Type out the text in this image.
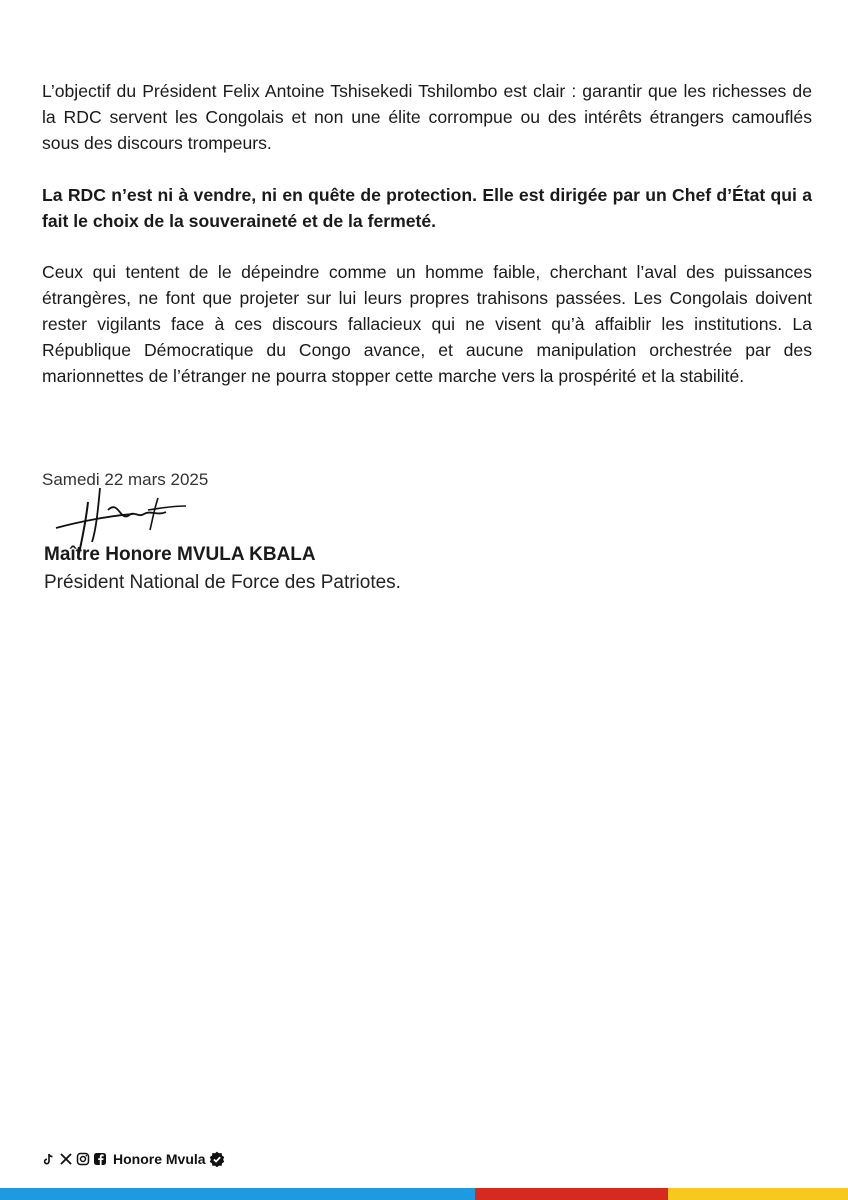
L’objectif du Président Felix Antoine Tshisekedi Tshilombo est clair : garantir que les richesses de la RDC servent les Congolais et non une élite corrompue ou des intérêts étrangers camouflés sous des discours trompeurs.

La RDC n’est ni à vendre, ni en quête de protection. Elle est dirigée par un Chef d’État qui a fait le choix de la souveraineté et de la fermeté.

Ceux qui tentent de le dépeindre comme un homme faible, cherchant l’aval des puissances étrangères, ne font que projeter sur lui leurs propres trahisons passées. Les Congolais doivent rester vigilants face à ces discours fallacieux qui ne visent qu’à affaiblir les institutions. La République Démocratique du Congo avance, et aucune manipulation orchestrée par des marionnettes de l’étranger ne pourra stopper cette marche vers la prospérité et la stabilité.

Samedi 22 mars 2025

Maître Honore MVULA KBALA

Président National de Force des Patriotes.

Honore Mvula
